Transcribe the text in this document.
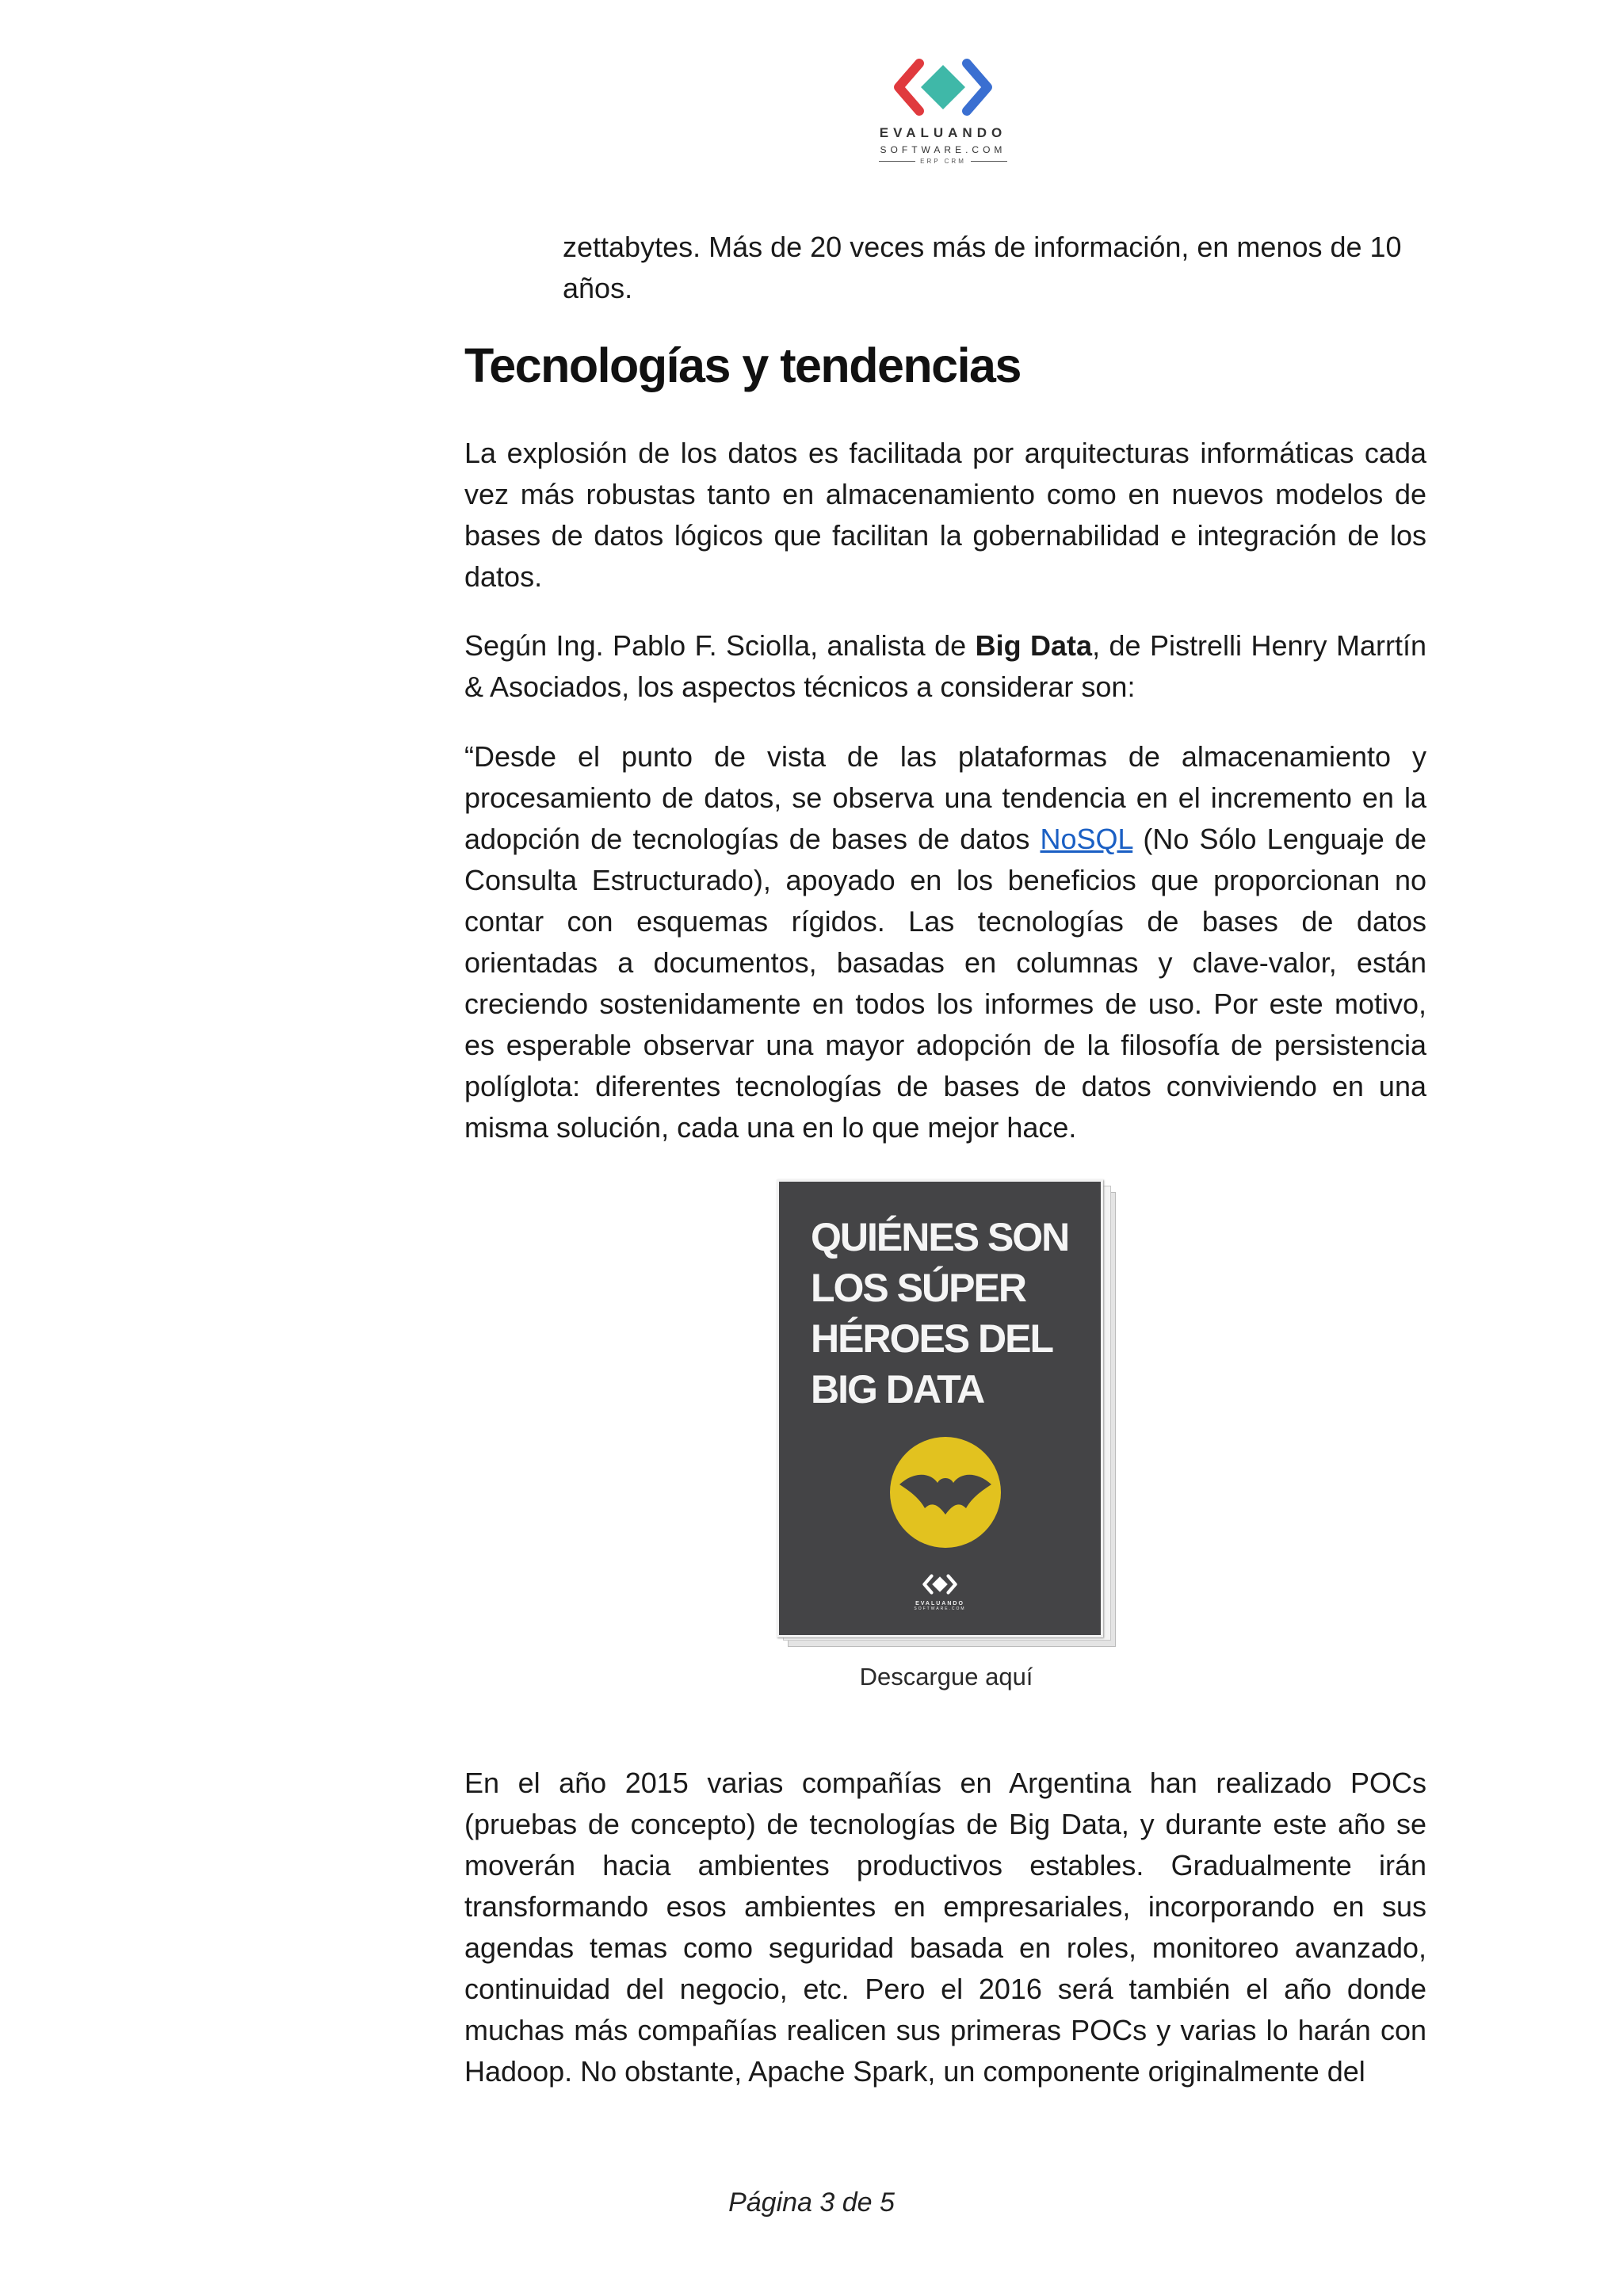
EVALUANDO
SOFTWARE.COM
ERP CRM

zettabytes. Más de 20 veces más de información, en menos de 10 años.

Tecnologías y tendencias

La explosión de los datos es facilitada por arquitecturas informáticas cada vez más robustas tanto en almacenamiento como en nuevos modelos de bases de datos lógicos que facilitan la gobernabilidad e integración de los datos.

Según Ing. Pablo F. Sciolla, analista de Big Data, de Pistrelli Henry Marrtín & Asociados, los aspectos técnicos a considerar son:

“Desde el punto de vista de las plataformas de almacenamiento y procesamiento de datos, se observa una tendencia en el incremento en la adopción de tecnologías de bases de datos NoSQL (No Sólo Lenguaje de Consulta Estructurado), apoyado en los beneficios que proporcionan no contar con esquemas rígidos. Las tecnologías de bases de datos orientadas a documentos, basadas en columnas y clave-valor, están creciendo sostenidamente en todos los informes de uso. Por este motivo, es esperable observar una mayor adopción de la filosofía de persistencia políglota: diferentes tecnologías de bases de datos conviviendo en una misma solución, cada una en lo que mejor hace.

QUIÉNES SON
LOS SÚPER
HÉROES DEL
BIG DATA
EVALUANDO
SOFTWARE.COM
Descargue aquí

En el año 2015 varias compañías en Argentina han realizado POCs (pruebas de concepto) de tecnologías de Big Data, y durante este año se moverán hacia ambientes productivos estables. Gradualmente irán transformando esos ambientes en empresariales, incorporando en sus agendas temas como seguridad basada en roles, monitoreo avanzado, continuidad del negocio, etc. Pero el 2016 será también el año donde muchas más compañías realicen sus primeras POCs y varias lo harán con Hadoop. No obstante, Apache Spark, un componente originalmente del

Página 3 de 5
